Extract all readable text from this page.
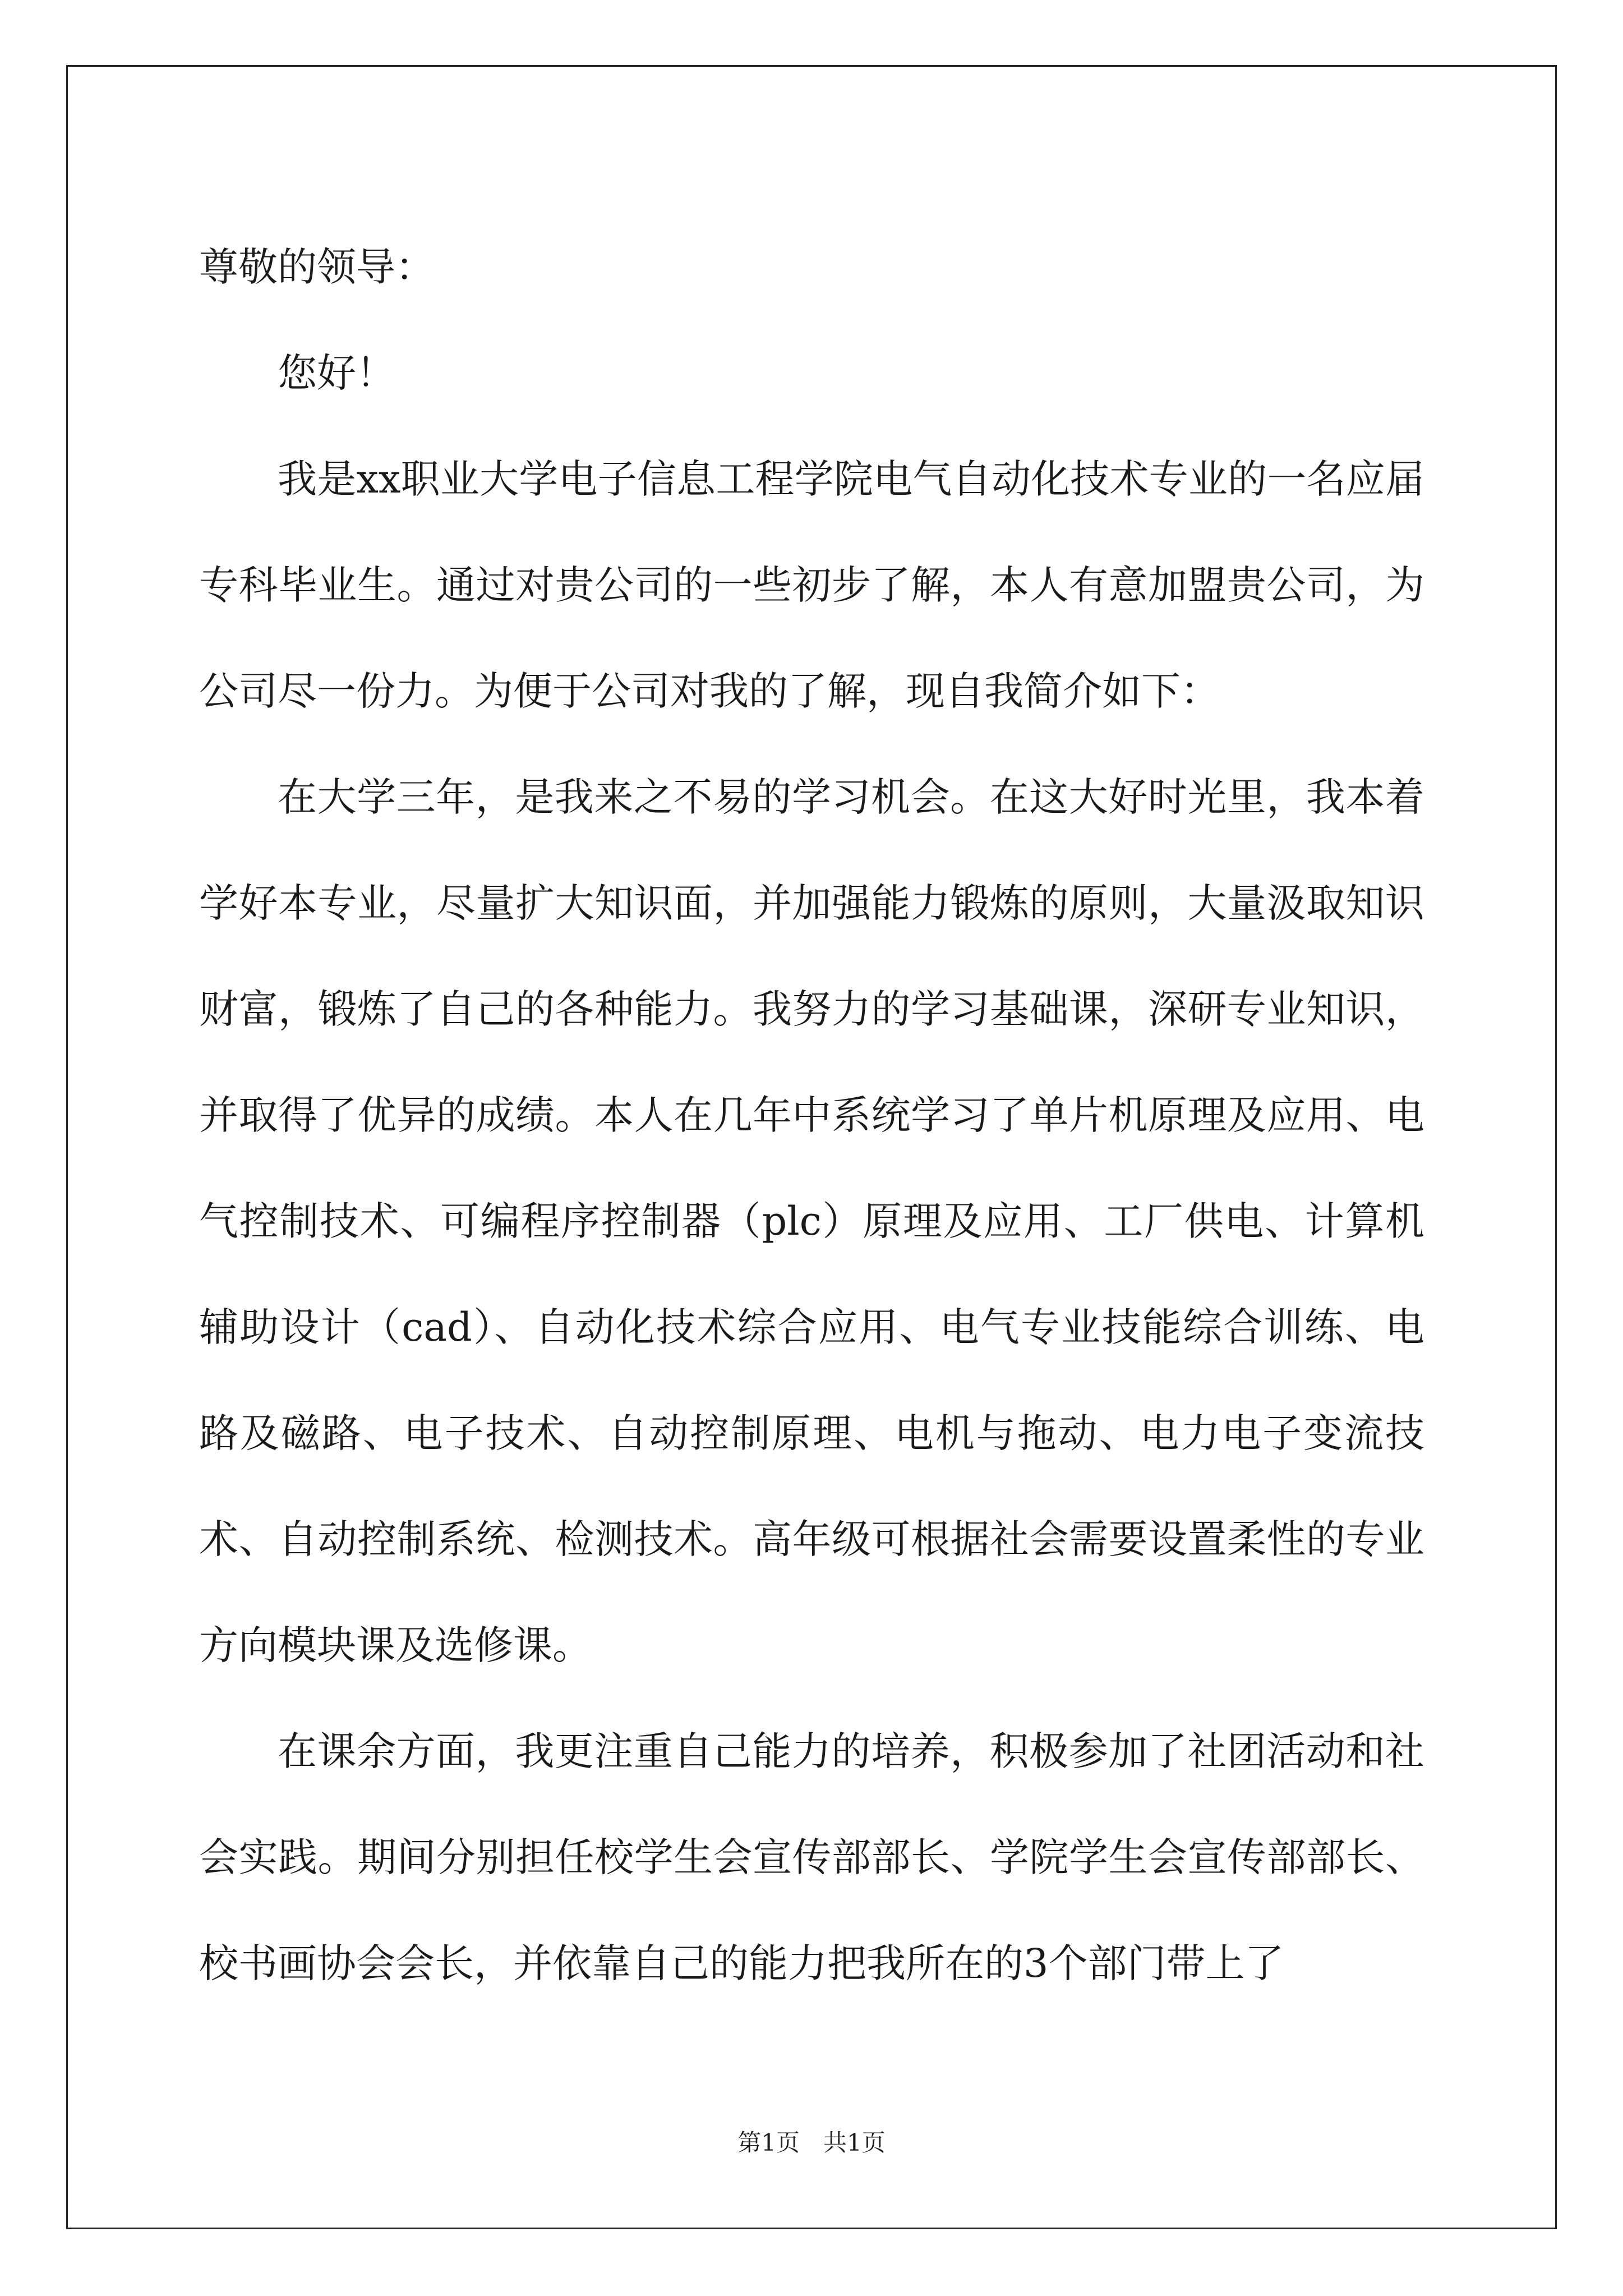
尊敬的领导：

您好！

我是xx职业大学电子信息工程学院电气自动化技术专业的一名应届专科毕业生。通过对贵公司的一些初步了解，本人有意加盟贵公司，为公司尽一份力。为便于公司对我的了解，现自我简介如下：

在大学三年，是我来之不易的学习机会。在这大好时光里，我本着学好本专业，尽量扩大知识面，并加强能力锻炼的原则，大量汲取知识财富，锻炼了自己的各种能力。我努力的学习基础课，深研专业知识，并取得了优异的成绩。本人在几年中系统学习了单片机原理及应用、电气控制技术、可编程序控制器（plc）原理及应用、工厂供电、计算机辅助设计（cad）、自动化技术综合应用、电气专业技能综合训练、电路及磁路、电子技术、自动控制原理、电机与拖动、电力电子变流技术、自动控制系统、检测技术。高年级可根据社会需要设置柔性的专业方向模块课及选修课。

在课余方面，我更注重自己能力的培养，积极参加了社团活动和社会实践。期间分别担任校学生会宣传部部长、学院学生会宣传部部长、校书画协会会长，并依靠自己的能力把我所在的3个部门带上了

第1页　共1页
